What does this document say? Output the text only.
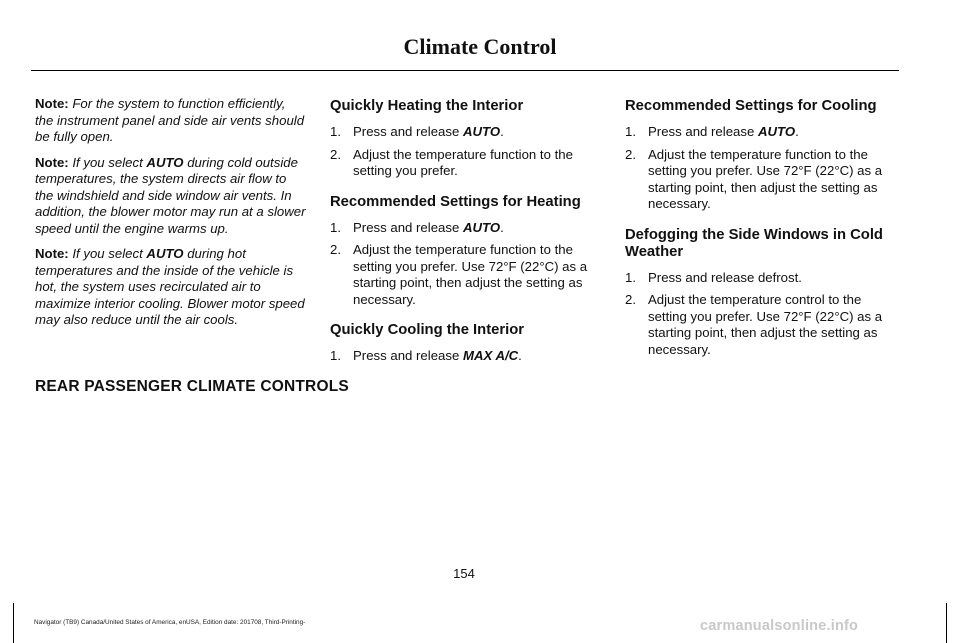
Climate Control

Note: For the system to function efficiently, the instrument panel and side air vents should be fully open.

Note: If you select AUTO during cold outside temperatures, the system directs air flow to the windshield and side window air vents. In addition, the blower motor may run at a slower speed until the engine warms up.

Note: If you select AUTO during hot temperatures and the inside of the vehicle is hot, the system uses recirculated air to maximize interior cooling. Blower motor speed may also reduce until the air cools.

Quickly Heating the Interior
1. Press and release AUTO.
2. Adjust the temperature function to the setting you prefer.
Recommended Settings for Heating
1. Press and release AUTO.
2. Adjust the temperature function to the setting you prefer. Use 72°F (22°C) as a starting point, then adjust the setting as necessary.
Quickly Cooling the Interior
1. Press and release MAX A/C.
Recommended Settings for Cooling
1. Press and release AUTO.
2. Adjust the temperature function to the setting you prefer. Use 72°F (22°C) as a starting point, then adjust the setting as necessary.
Defogging the Side Windows in Cold Weather
1. Press and release defrost.
2. Adjust the temperature control to the setting you prefer. Use 72°F (22°C) as a starting point, then adjust the setting as necessary.
REAR PASSENGER CLIMATE CONTROLS
154
Navigator (TB9) Canada/United States of America, enUSA, Edition date: 201708, Third-Printing-	carmanualsonline.info
